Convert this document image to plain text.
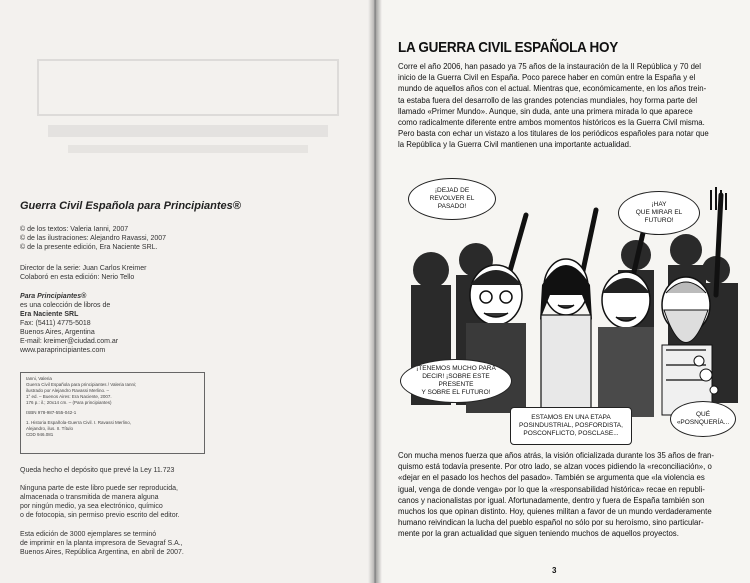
Guerra Civil Española para Principiantes®
© de los textos: Valeria Ianni, 2007
© de las ilustraciones: Alejandro Ravassi, 2007
© de la presente edición, Era Naciente SRL.
Director de la serie: Juan Carlos Kreimer
Colaboró en esta edición: Nerio Tello
Para Principiantes®
es una colección de libros de
Era Naciente SRL
Fax: (5411) 4775-5018
Buenos Aires, Argentina
E-mail: kreimer@ciudad.com.ar
www.paraprincipiantes.com
Ianni, Valeria
Guerra Civil Española para principiantes / Valeria Ianni;
ilustrado por Alejandro Ravassi Merlino. –
1° ed. – Buenos Aires: Era Naciente, 2007.
176 p.: il.; 20x14 cm. – (Para principiantes)
ISBN 978-987-555-042-1
1. Historia Española-Guerra Civil. I. Ravassi Merlino,
Alejandro, ilus. II. Título
CDD 946.081
Queda hecho el depósito que prevé la Ley 11.723
Ninguna parte de este libro puede ser reproducida,
almacenada o transmitida de manera alguna
por ningún medio, ya sea electrónico, químico
o de fotocopia, sin permiso previo escrito del editor.
Esta edición de 3000 ejemplares se terminó
de imprimir en la planta impresora de Sevagraf S.A.,
Buenos Aires, República Argentina, en abril de 2007.
LA GUERRA CIVIL ESPAÑOLA HOY
Corre el año 2006, han pasado ya 75 años de la instauración de la II República y 70 del
inicio de la Guerra Civil en España. Poco parece haber en común entre la España y el
mundo de aquellos años con el actual. Mientras que, económicamente, en los años trein-
ta estaba fuera del desarrollo de las grandes potencias mundiales, hoy forma parte del
llamado «Primer Mundo». Aunque, sin duda, ante una primera mirada lo que aparece
como radicalmente diferente entre ambos momentos históricos es la Guerra Civil misma.
Pero basta con echar un vistazo a los titulares de los periódicos españoles para notar que
la República y la Guerra Civil mantienen una importante actualidad.
¡DEJAD DE
REVOLVER EL
PASADO!	¡HAY
QUE MIRAR EL
FUTURO!
¡TENEMOS MUCHO PARA
DECIR! ¡SOBRE ESTE PRESENTE
Y SOBRE EL FUTURO!
ESTAMOS EN UNA ETAPA
POSINDUSTRIAL, POSFORDISTA,
POSCONFLICTO, POSCLASE...
QUÉ
«POSNQUERÍA...
Con mucha menos fuerza que años atrás, la visión oficializada durante los 35 años de fran-
quismo está todavía presente. Por otro lado, se alzan voces pidiendo la «reconciliación», o
«dejar en el pasado los hechos del pasado». También se argumenta que «la violencia es
igual, venga de donde venga» por lo que la «responsabilidad histórica» recae en republi-
canos y nacionalistas por igual. Afortunadamente, dentro y fuera de España también son
muchos los que opinan distinto. Hoy, quienes militan a favor de un mundo verdaderamente
humano reivindican la lucha del pueblo español no sólo por su heroísmo, sino particular-
mente por la gran actualidad que siguen teniendo muchos de aquellos proyectos.
3
